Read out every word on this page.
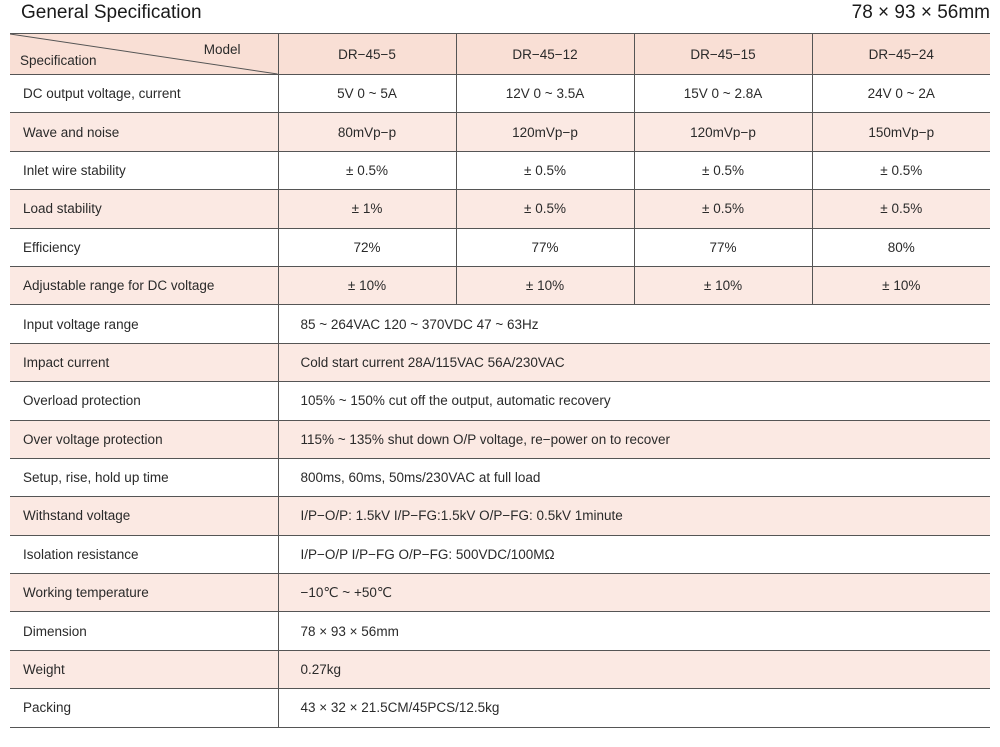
General Specification	78 × 93 × 56mm
Model
Specification	DR−45−5	DR−45−12	DR−45−15	DR−45−24
DC output voltage, current	5V 0 ~ 5A	12V 0 ~ 3.5A	15V 0 ~ 2.8A	24V 0 ~ 2A
Wave and noise	80mVp−p	120mVp−p	120mVp−p	150mVp−p
Inlet wire stability	± 0.5%	± 0.5%	± 0.5%	± 0.5%
Load stability	± 1%	± 0.5%	± 0.5%	± 0.5%
Efficiency	72%	77%	77%	80%
Adjustable range for DC voltage	± 10%	± 10%	± 10%	± 10%
Input voltage range	85 ~ 264VAC 120 ~ 370VDC 47 ~ 63Hz			
Impact current	Cold start current 28A/115VAC 56A/230VAC			
Overload protection	105% ~ 150% cut off the output, automatic recovery			
Over voltage protection	115% ~ 135% shut down O/P voltage, re−power on to recover			
Setup, rise, hold up time	800ms, 60ms, 50ms/230VAC at full load			
Withstand voltage	I/P−O/P: 1.5kV I/P−FG:1.5kV O/P−FG: 0.5kV 1minute			
Isolation resistance	I/P−O/P I/P−FG O/P−FG: 500VDC/100MΩ			
Working temperature	−10℃ ~ +50℃			
Dimension	78 × 93 × 56mm			
Weight	0.27kg			
Packing	43 × 32 × 21.5CM/45PCS/12.5kg			
